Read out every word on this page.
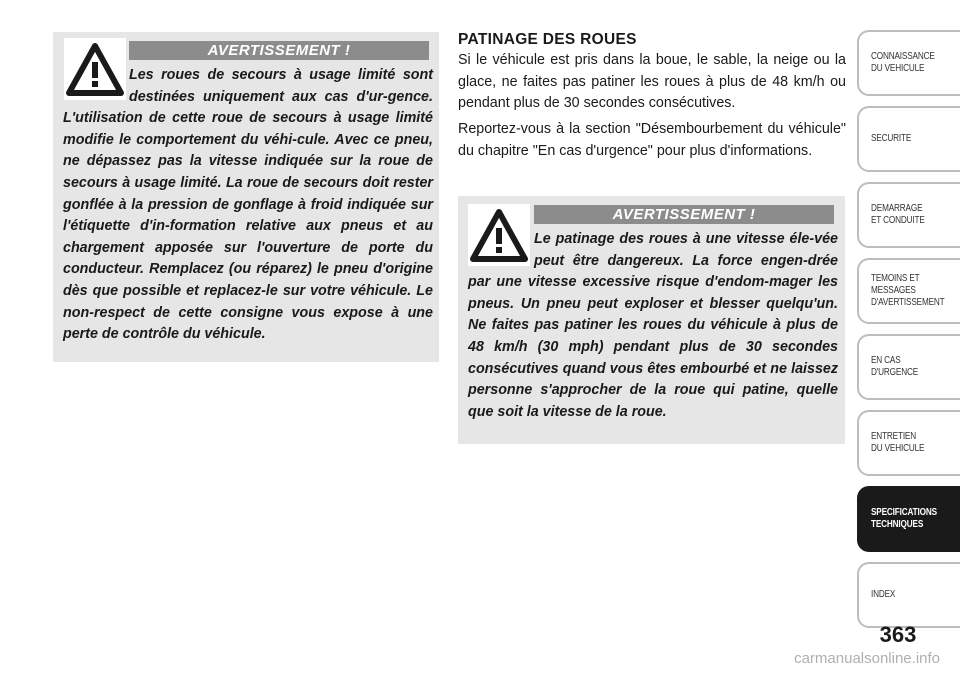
AVERTISSEMENT !
Les roues de secours à usage limité sont destinées uniquement aux cas d'ur-gence. L'utilisation de cette roue de secours à usage limité modifie le comportement du véhi-cule. Avec ce pneu, ne dépassez pas la vitesse indiquée sur la roue de secours à usage limité. La roue de secours doit rester gonflée à la pression de gonflage à froid indiquée sur l'étiquette d'in-formation relative aux pneus et au chargement apposée sur l'ouverture de porte du conducteur. Remplacez (ou réparez) le pneu d'origine dès que possible et replacez-le sur votre véhicule. Le non-respect de cette consigne vous expose à une perte de contrôle du véhicule.
PATINAGE DES ROUES

Si le véhicule est pris dans la boue, le sable, la neige ou la glace, ne faites pas patiner les roues à plus de 48 km/h ou pendant plus de 30 secondes consécutives.

Reportez-vous à la section "Désembourbement du véhicule" du chapitre "En cas d'urgence" pour plus d'informations.

AVERTISSEMENT !
Le patinage des roues à une vitesse éle-vée peut être dangereux. La force engen-drée par une vitesse excessive risque d'endom-mager les pneus. Un pneu peut exploser et blesser quelqu'un. Ne faites pas patiner les roues du véhicule à plus de 48 km/h (30 mph) pendant plus de 30 secondes consécutives quand vous êtes embourbé et ne laissez personne s'approcher de la roue qui patine, quelle que soit la vitesse de la roue.
CONNAISSANCE
DU VEHICULE
SECURITE
DEMARRAGE
ET CONDUITE
TEMOINS ET
MESSAGES
D'AVERTISSEMENT
EN CAS
D'URGENCE
ENTRETIEN
DU VEHICULE
SPECIFICATIONS
TECHNIQUES
INDEX
363
carmanualsonline.info
